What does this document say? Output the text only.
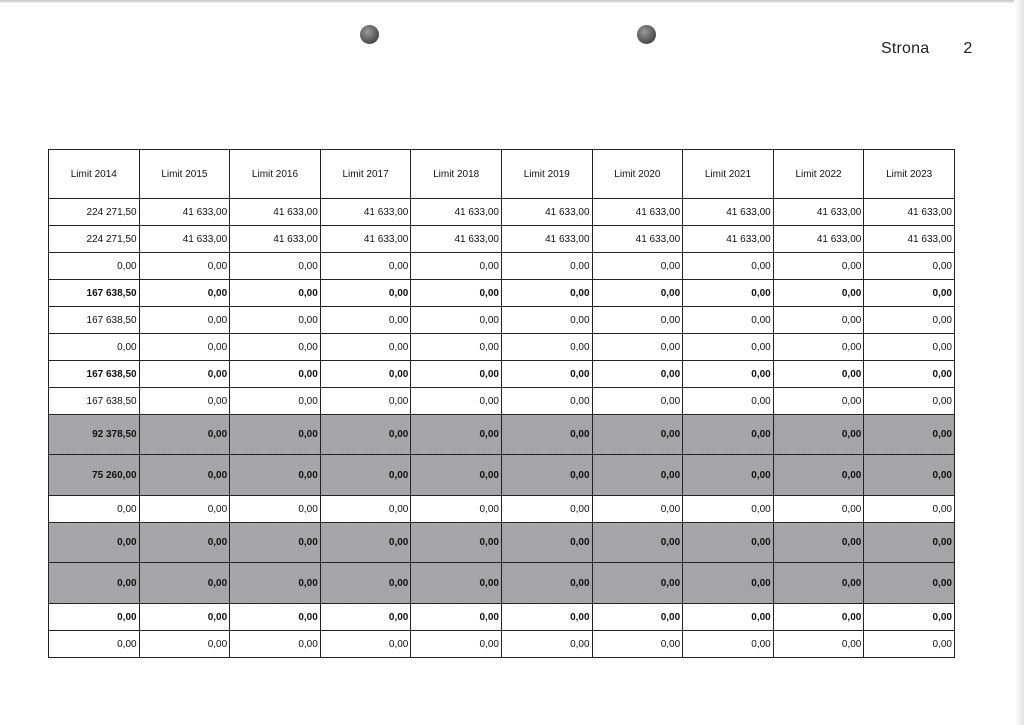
Strona 2
Limit 2014	Limit 2015	Limit 2016	Limit 2017	Limit 2018	Limit 2019	Limit 2020	Limit 2021	Limit 2022	Limit 2023
224 271,50	41 633,00	41 633,00	41 633,00	41 633,00	41 633,00	41 633,00	41 633,00	41 633,00	41 633,00
224 271,50	41 633,00	41 633,00	41 633,00	41 633,00	41 633,00	41 633,00	41 633,00	41 633,00	41 633,00
0,00	0,00	0,00	0,00	0,00	0,00	0,00	0,00	0,00	0,00
167 638,50	0,00	0,00	0,00	0,00	0,00	0,00	0,00	0,00	0,00
167 638,50	0,00	0,00	0,00	0,00	0,00	0,00	0,00	0,00	0,00
0,00	0,00	0,00	0,00	0,00	0,00	0,00	0,00	0,00	0,00
167 638,50	0,00	0,00	0,00	0,00	0,00	0,00	0,00	0,00	0,00
167 638,50	0,00	0,00	0,00	0,00	0,00	0,00	0,00	0,00	0,00
92 378,50	0,00	0,00	0,00	0,00	0,00	0,00	0,00	0,00	0,00
75 260,00	0,00	0,00	0,00	0,00	0,00	0,00	0,00	0,00	0,00
0,00	0,00	0,00	0,00	0,00	0,00	0,00	0,00	0,00	0,00
0,00	0,00	0,00	0,00	0,00	0,00	0,00	0,00	0,00	0,00
0,00	0,00	0,00	0,00	0,00	0,00	0,00	0,00	0,00	0,00
0,00	0,00	0,00	0,00	0,00	0,00	0,00	0,00	0,00	0,00
0,00	0,00	0,00	0,00	0,00	0,00	0,00	0,00	0,00	0,00
